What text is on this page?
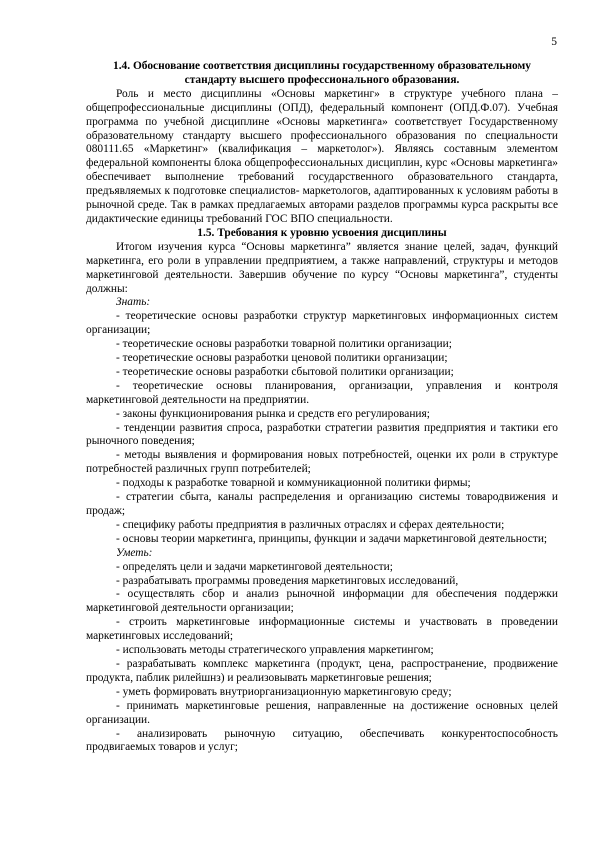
5

1.4. Обоснование соответствия дисциплины государственному образовательному стандарту высшего профессионального образования.

Роль и место дисциплины «Основы маркетинг» в структуре учебного плана – общепрофессиональные дисциплины (ОПД), федеральный компонент (ОПД.Ф.07). Учебная программа по учебной дисциплине «Основы маркетинга» соответствует Государственному образовательному стандарту высшего профессионального образования по специальности 080111.65 «Маркетинг» (квалификация – маркетолог»). Являясь составным элементом федеральной компоненты блока общепрофессиональных дисциплин, курс «Основы маркетинга» обеспечивает выполнение требований государственного образовательного стандарта, предъявляемых к подготовке специалистов- маркетологов, адаптированных к условиям работы в рыночной среде. Так в рамках предлагаемых авторами разделов программы курса раскрыты все дидактические единицы требований ГОС ВПО специальности.

1.5. Требования к уровню усвоения дисциплины

Итогом изучения курса “Основы маркетинга” является знание целей, задач, функций маркетинга, его роли в управлении предприятием, а также направлений, структуры и методов маркетинговой деятельности. Завершив обучение по курсу “Основы маркетинга”, студенты должны:

Знать:

- теоретические основы разработки структур маркетинговых информационных систем организации;

- теоретические основы разработки товарной политики организации;

- теоретические основы разработки ценовой политики организации;

- теоретические основы разработки сбытовой политики организации;

- теоретические основы планирования, организации, управления и контроля маркетинговой деятельности на предприятии.

- законы функционирования рынка и средств его регулирования;

- тенденции развития спроса, разработки стратегии развития предприятия и тактики его рыночного поведения;

- методы выявления и формирования новых потребностей, оценки их роли в структуре потребностей различных групп потребителей;

- подходы к разработке товарной и коммуникационной политики фирмы;

- стратегии сбыта, каналы распределения и организацию системы товародвижения и продаж;

- специфику работы предприятия в различных отраслях и сферах деятельности;

- основы теории маркетинга, принципы, функции и задачи маркетинговой деятельности;

Уметь:

- определять цели и задачи маркетинговой деятельности;

- разрабатывать программы проведения маркетинговых исследований,

- осуществлять сбор и анализ рыночной информации для обеспечения поддержки маркетинговой деятельности организации;

- строить маркетинговые информационные системы и участвовать в проведении маркетинговых исследований;

- использовать методы стратегического управления маркетингом;

- разрабатывать комплекс маркетинга (продукт, цена, распространение, продвижение продукта, паблик рилейшнз) и реализовывать маркетинговые решения;

- уметь формировать внутриорганизационную маркетинговую среду;

- принимать маркетинговые решения, направленные на достижение основных целей организации.

- анализировать рыночную ситуацию, обеспечивать конкурентоспособность продвигаемых товаров и услуг;
